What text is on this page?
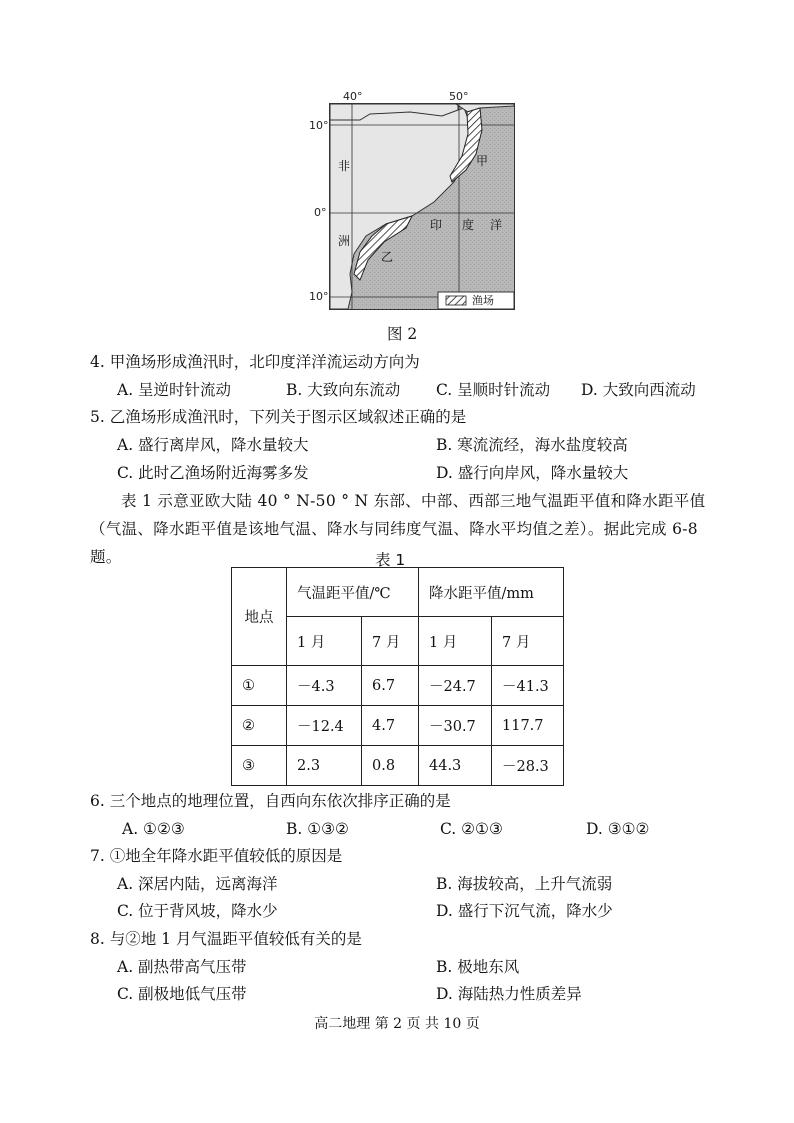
40°	50°
10°
0°
10°
非
洲
甲
乙
印 度 洋
渔场
图 2
4. 甲渔场形成渔汛时，北印度洋洋流运动方向为
A. 呈逆时针流动	B. 大致向东流动 C. 呈顺时针流动 D. 大致向西流动
5. 乙渔场形成渔汛时，下列关于图示区域叙述正确的是
A. 盛行离岸风，降水量较大	B. 寒流流经，海水盐度较高
C. 此时乙渔场附近海雾多发	D. 盛行向岸风，降水量较大
表 1 示意亚欧大陆 40 ° N-50 ° N 东部、中部、西部三地气温距平值和降水距平值（气温、降水距平值是该地气温、降水与同纬度气温、降水平均值之差）。据此完成 6-8 题。	表 1
地点	气温距平值/℃		降水距平值/mm	
	1 月	7 月	1 月	7 月
①	－4.3	6.7	－24.7	－41.3
②	－12.4	4.7	－30.7	117.7
③	2.3	0.8	44.3	－28.3
6. 三个地点的地理位置，自西向东依次排序正确的是
A. ①②③	B. ①③②	C. ②①③	D. ③①②
7. ①地全年降水距平值较低的原因是
A. 深居内陆，远离海洋	B. 海拔较高，上升气流弱
C. 位于背风坡，降水少	D. 盛行下沉气流，降水少
8. 与②地 1 月气温距平值较低有关的是
A. 副热带高气压带	B. 极地东风
C. 副极地低气压带	D. 海陆热力性质差异
高二地理 第 2 页 共 10 页
